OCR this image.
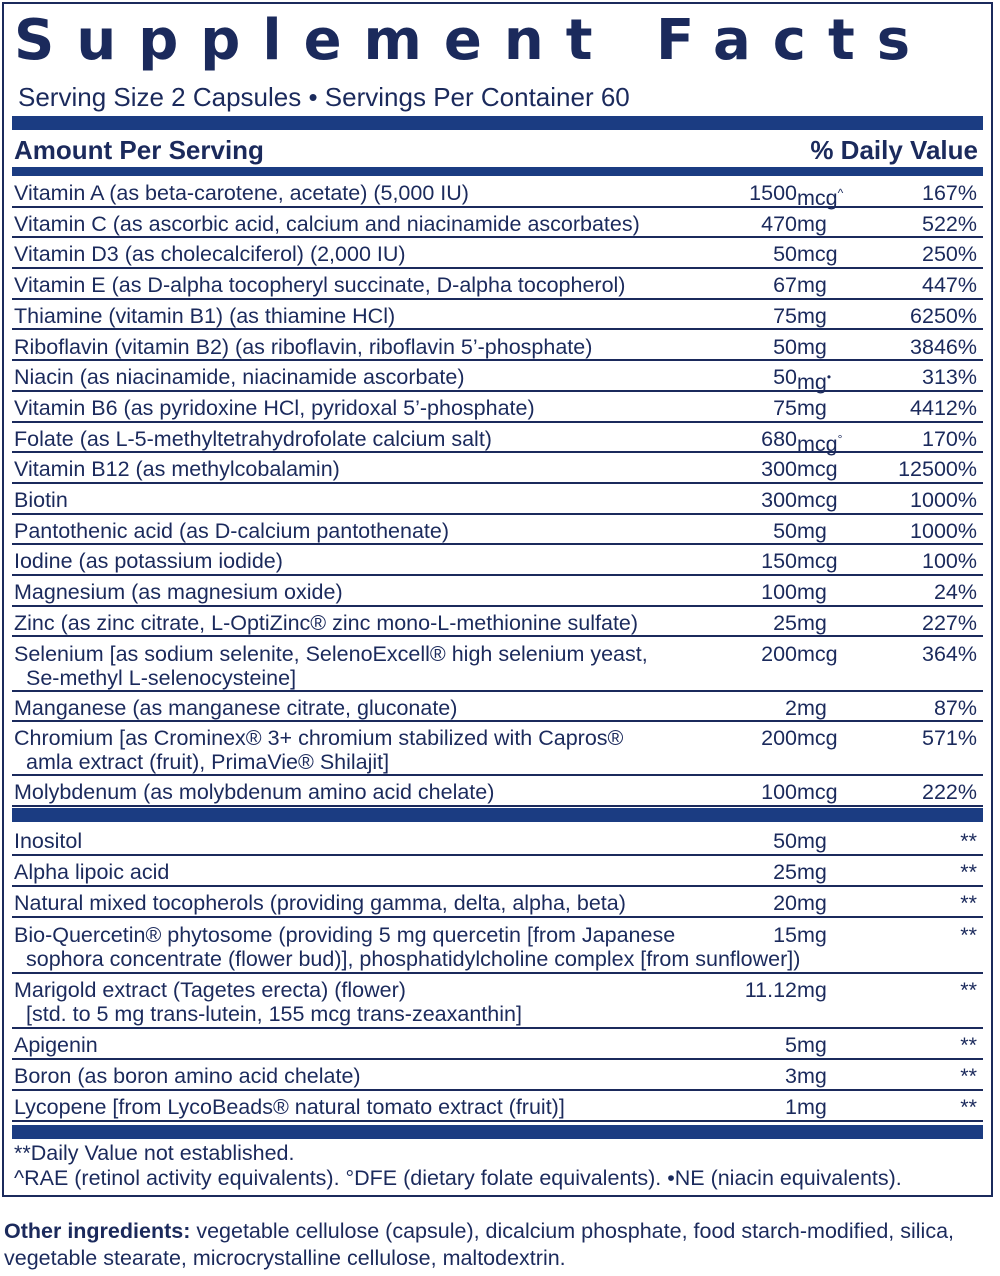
Supplement Facts
Serving Size 2 Capsules • Servings Per Container 60
Amount Per Serving	% Daily Value
Vitamin A (as beta-carotene, acetate) (5,000 IU)	1500 mcg^	167%
Vitamin C (as ascorbic acid, calcium and niacinamide ascorbates)	470 mg	522%
Vitamin D3 (as cholecalciferol) (2,000 IU)	50 mcg	250%
Vitamin E (as D-alpha tocopheryl succinate, D-alpha tocopherol)	67 mg	447%
Thiamine (vitamin B1) (as thiamine HCl)	75 mg	6250%
Riboflavin (vitamin B2) (as riboflavin, riboflavin 5’-phosphate)	50 mg	3846%
Niacin (as niacinamide, niacinamide ascorbate)	50 mg•	313%
Vitamin B6 (as pyridoxine HCl, pyridoxal 5’-phosphate)	75 mg	4412%
Folate (as L-5-methyltetrahydrofolate calcium salt)	680 mcg°	170%
Vitamin B12 (as methylcobalamin)	300 mcg	12500%
Biotin	300 mcg	1000%
Pantothenic acid (as D-calcium pantothenate)	50 mg	1000%
Iodine (as potassium iodide)	150 mcg	100%
Magnesium (as magnesium oxide)	100 mg	24%
Zinc (as zinc citrate, L-OptiZinc® zinc mono-L-methionine sulfate)	25 mg	227%
Selenium [as sodium selenite, SelenoExcell® high selenium yeast,	200 mcg	364%
Se-methyl L-selenocysteine]
Manganese (as manganese citrate, gluconate)	2 mg	87%
Chromium [as Crominex® 3+ chromium stabilized with Capros®	200 mcg	571%
amla extract (fruit), PrimaVie® Shilajit]
Molybdenum (as molybdenum amino acid chelate)	100 mcg	222%
Inositol	50 mg	**
Alpha lipoic acid	25 mg	**
Natural mixed tocopherols (providing gamma, delta, alpha, beta)	20 mg	**
Bio-Quercetin® phytosome (providing 5 mg quercetin [from Japanese	15 mg	**
sophora concentrate (flower bud)], phosphatidylcholine complex [from sunflower])
Marigold extract (Tagetes erecta) (flower)	11.12 mg	**
[std. to 5 mg trans-lutein, 155 mcg trans-zeaxanthin]
Apigenin	5 mg	**
Boron (as boron amino acid chelate)	3 mg	**
Lycopene [from LycoBeads® natural tomato extract (fruit)]	1 mg	**
**Daily Value not established.
^RAE (retinol activity equivalents). °DFE (dietary folate equivalents). •NE (niacin equivalents).
Other ingredients: vegetable cellulose (capsule), dicalcium phosphate, food starch-modified, silica, vegetable stearate, microcrystalline cellulose, maltodextrin.
